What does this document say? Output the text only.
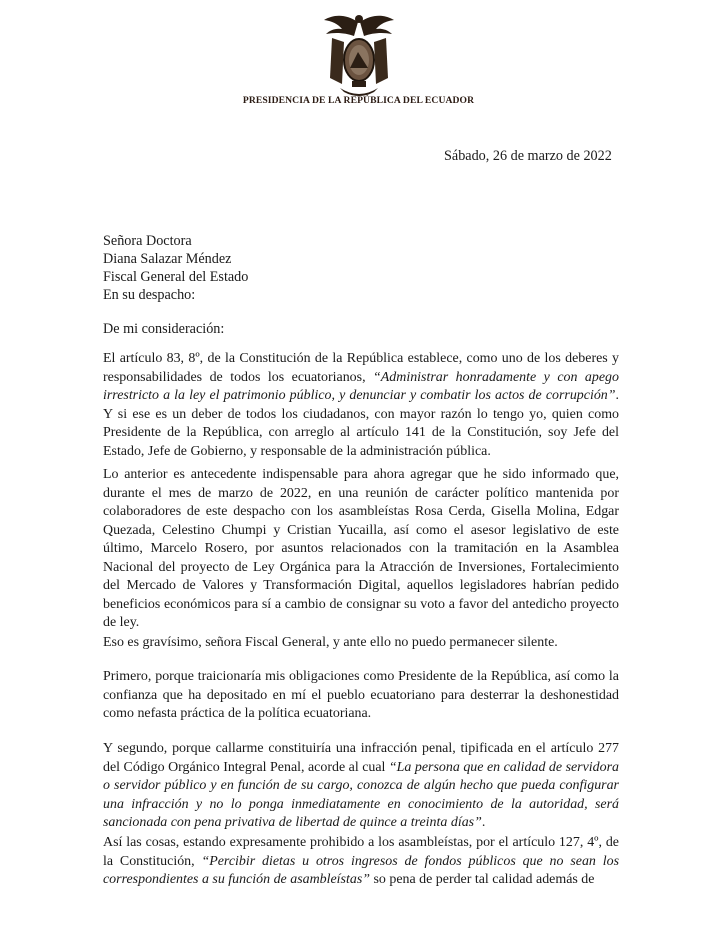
PRESIDENCIA DE LA REPÚBLICA DEL ECUADOR
Sábado, 26 de marzo de 2022
Señora Doctora
Diana Salazar Méndez
Fiscal General del Estado
En su despacho:
De mi consideración:

El artículo 83, 8º, de la Constitución de la República establece, como uno de los deberes y responsabilidades de todos los ecuatorianos, “Administrar honradamente y con apego irrestricto a la ley el patrimonio público, y denunciar y combatir los actos de corrupción”. Y si ese es un deber de todos los ciudadanos, con mayor razón lo tengo yo, quien como Presidente de la República, con arreglo al artículo 141 de la Constitución, soy Jefe del Estado, Jefe de Gobierno, y responsable de la administración pública.

Lo anterior es antecedente indispensable para ahora agregar que he sido informado que, durante el mes de marzo de 2022, en una reunión de carácter político mantenida por colaboradores de este despacho con los asambleístas Rosa Cerda, Gisella Molina, Edgar Quezada, Celestino Chumpi y Cristian Yucailla, así como el asesor legislativo de este último, Marcelo Rosero, por asuntos relacionados con la tramitación en la Asamblea Nacional del proyecto de Ley Orgánica para la Atracción de Inversiones, Fortalecimiento del Mercado de Valores y Transformación Digital, aquellos legisladores habrían pedido beneficios económicos para sí a cambio de consignar su voto a favor del antedicho proyecto de ley.

Eso es gravísimo, señora Fiscal General, y ante ello no puedo permanecer silente.

Primero, porque traicionaría mis obligaciones como Presidente de la República, así como la confianza que ha depositado en mí el pueblo ecuatoriano para desterrar la deshonestidad como nefasta práctica de la política ecuatoriana.

Y segundo, porque callarme constituiría una infracción penal, tipificada en el artículo 277 del Código Orgánico Integral Penal, acorde al cual “La persona que en calidad de servidora o servidor público y en función de su cargo, conozca de algún hecho que pueda configurar una infracción y no lo ponga inmediatamente en conocimiento de la autoridad, será sancionada con pena privativa de libertad de quince a treinta días”.

Así las cosas, estando expresamente prohibido a los asambleístas, por el artículo 127, 4º, de la Constitución, “Percibir dietas u otros ingresos de fondos públicos que no sean los correspondientes a su función de asambleístas” so pena de perder tal calidad además de
